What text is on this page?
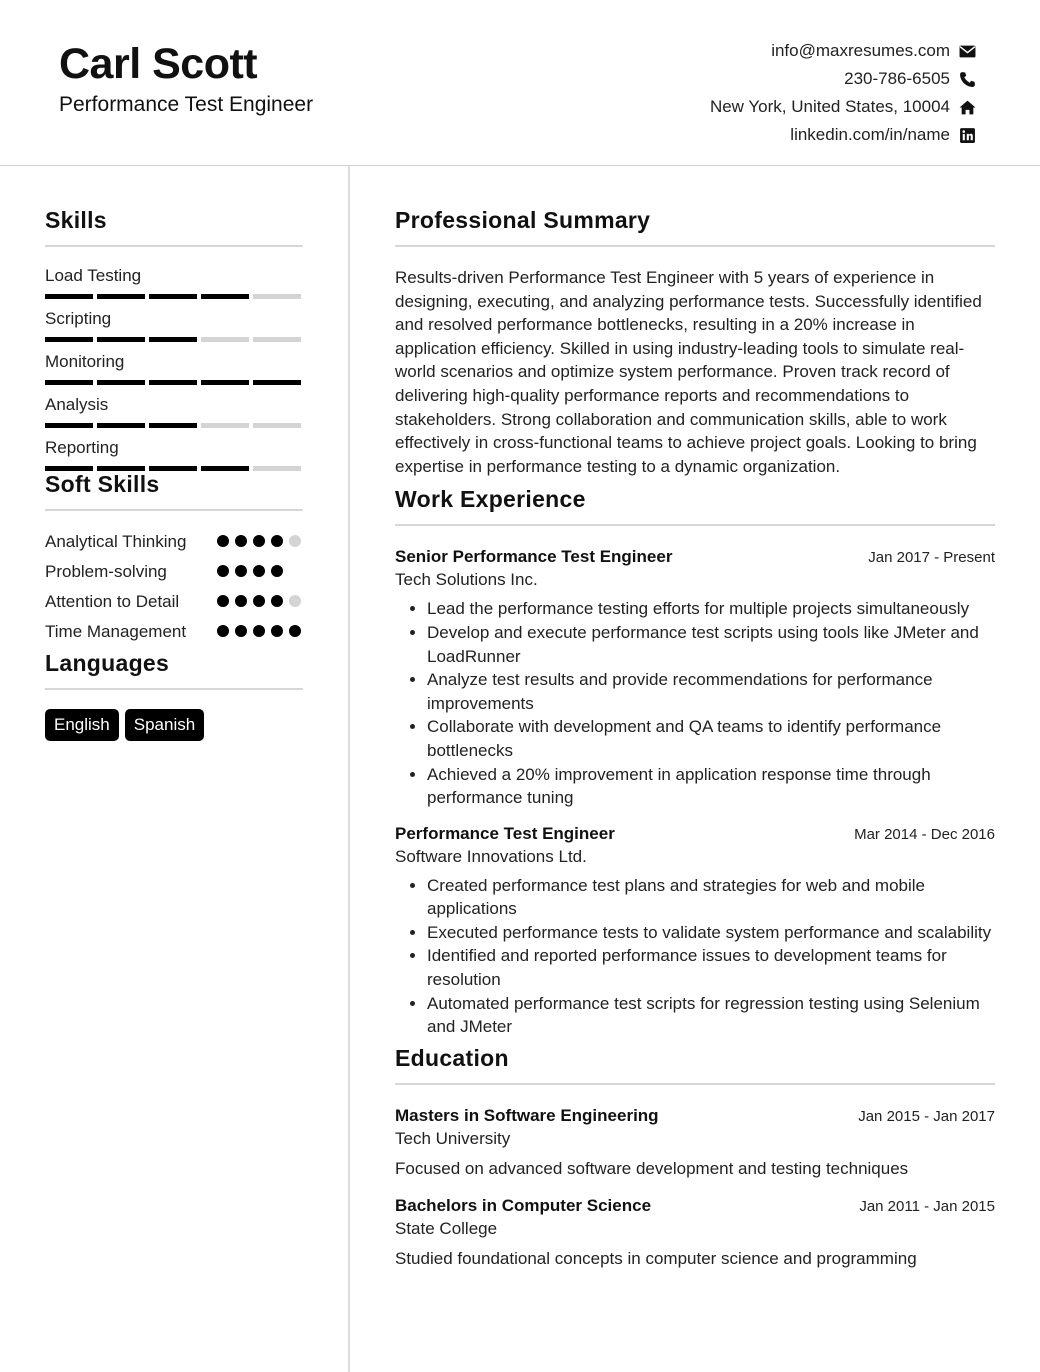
Carl Scott
Performance Test Engineer
info@maxresumes.com
230-786-6505
New York, United States, 10004
linkedin.com/in/name
Skills
Load Testing
Scripting
Monitoring
Analysis
Reporting
Soft Skills
Analytical Thinking
Problem-solving
Attention to Detail
Time Management
Languages
English	Spanish
Professional Summary

Results-driven Performance Test Engineer with 5 years of experience in designing, executing, and analyzing performance tests. Successfully identified and resolved performance bottlenecks, resulting in a 20% increase in application efficiency. Skilled in using industry-leading tools to simulate real-world scenarios and optimize system performance. Proven track record of delivering high-quality performance reports and recommendations to stakeholders. Strong collaboration and communication skills, able to work effectively in cross-functional teams to achieve project goals. Looking to bring expertise in performance testing to a dynamic organization.

Work Experience
Senior Performance Test Engineer	Jan 2017 - Present
Tech Solutions Inc.
• Lead the performance testing efforts for multiple projects simultaneously
• Develop and execute performance test scripts using tools like JMeter and LoadRunner
• Analyze test results and provide recommendations for performance improvements
• Collaborate with development and QA teams to identify performance bottlenecks
• Achieved a 20% improvement in application response time through performance tuning
Performance Test Engineer	Mar 2014 - Dec 2016
Software Innovations Ltd.
• Created performance test plans and strategies for web and mobile applications
• Executed performance tests to validate system performance and scalability
• Identified and reported performance issues to development teams for resolution
• Automated performance test scripts for regression testing using Selenium and JMeter
Education
Masters in Software Engineering	Jan 2015 - Jan 2017
Tech University
Focused on advanced software development and testing techniques
Bachelors in Computer Science	Jan 2011 - Jan 2015
State College
Studied foundational concepts in computer science and programming
